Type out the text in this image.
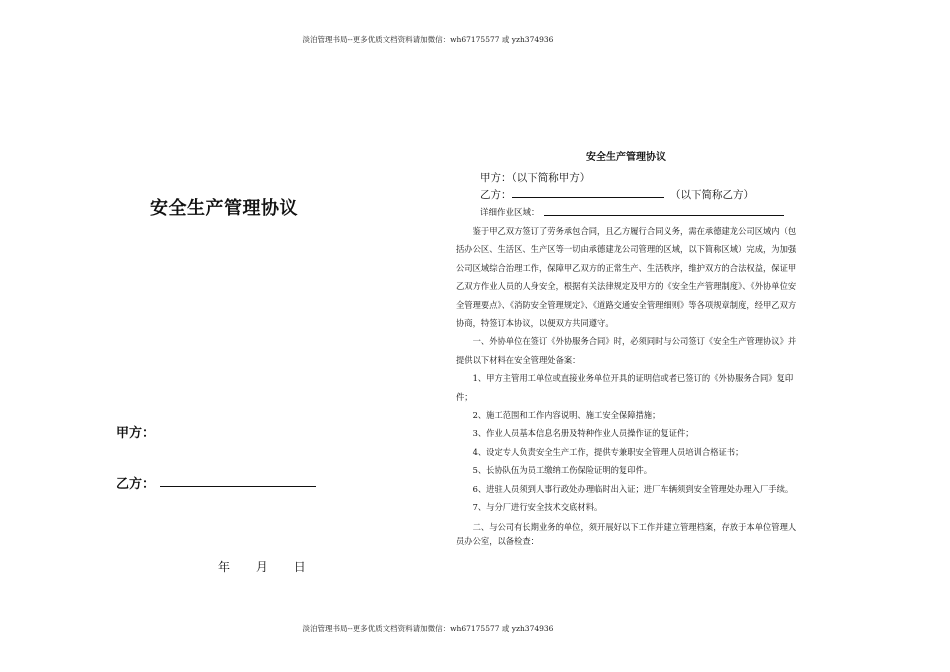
淡泊管理书局--更多优质文档资料请加微信：wh67175577 或 yzh374936
安全生产管理协议
甲方：
乙方：
年 月 日
安全生产管理协议
甲方：（以下简称甲方）
乙方：	（以下简称乙方）
详细作业区域：

鉴于甲乙双方签订了劳务承包合同，且乙方履行合同义务，需在承德建龙公司区域内（包括办公区、生活区、生产区等一切由承德建龙公司管理的区域，以下简称区域）完成，为加强公司区域综合治理工作，保障甲乙双方的正常生产、生活秩序，维护双方的合法权益，保证甲乙双方作业人员的人身安全，根据有关法律规定及甲方的《安全生产管理制度》、《外协单位安全管理要点》、《消防安全管理规定》、《道路交通安全管理细则》等各项规章制度，经甲乙双方协商，特签订本协议，以便双方共同遵守。

一、外协单位在签订《外协服务合同》时，必须同时与公司签订《安全生产管理协议》并提供以下材料在安全管理处备案：

1、甲方主管用工单位或直接业务单位开具的证明信或者已签订的《外协服务合同》复印件；

2、施工范围和工作内容说明、施工安全保障措施；

3、作业人员基本信息名册及特种作业人员操作证的复证件；

4、设定专人负责安全生产工作，提供专兼职安全管理人员培训合格证书；

5、长协队伍为员工缴纳工伤保险证明的复印件。

6、进驻人员须到人事行政处办理临时出入证；进厂车辆须到安全管理处办理入厂手续。

7、与分厂进行安全技术交底材料。

二、与公司有长期业务的单位，须开展好以下工作并建立管理档案，存放于本单位管理人员办公室，以备检查：

淡泊管理书局--更多优质文档资料请加微信：wh67175577 或 yzh374936
